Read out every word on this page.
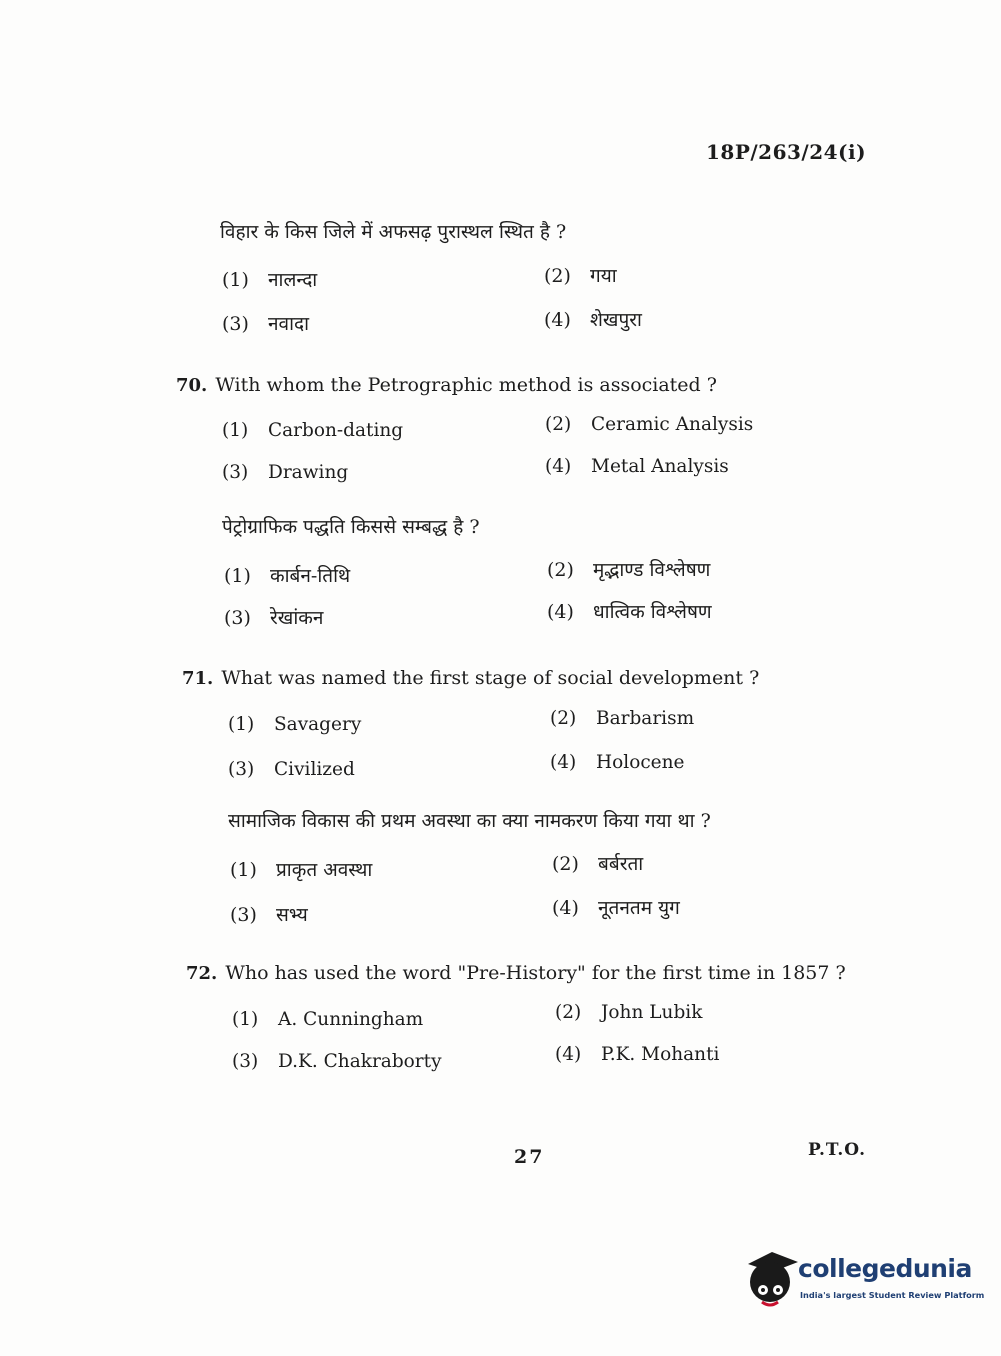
18P/263/24(i)
विहार के किस जिले में अफसढ़ पुरास्थल स्थित है ?
(1) नालन्दा	(2) गया
(3) नवादा	(4) शेखपुरा
70. With whom the Petrographic method is associated ?
(1) Carbon-dating	(2) Ceramic Analysis
(3) Drawing	(4) Metal Analysis
पेट्रोग्राफिक पद्धति किससे सम्बद्ध है ?
(1) कार्बन-तिथि	(2) मृद्भाण्ड विश्लेषण
(3) रेखांकन	(4) धात्विक विश्लेषण
71. What was named the first stage of social development ?
(1) Savagery	(2) Barbarism
(3) Civilized	(4) Holocene
सामाजिक विकास की प्रथम अवस्था का क्या नामकरण किया गया था ?
(1) प्राकृत अवस्था	(2) बर्बरता
(3) सभ्य	(4) नूतनतम युग
72. Who has used the word "Pre-History" for the first time in 1857 ?
(1) A. Cunningham	(2) John Lubik
(3) D.K. Chakraborty	(4) P.K. Mohanti
27	P.T.O.
collegedunia
India's largest Student Review Platform
